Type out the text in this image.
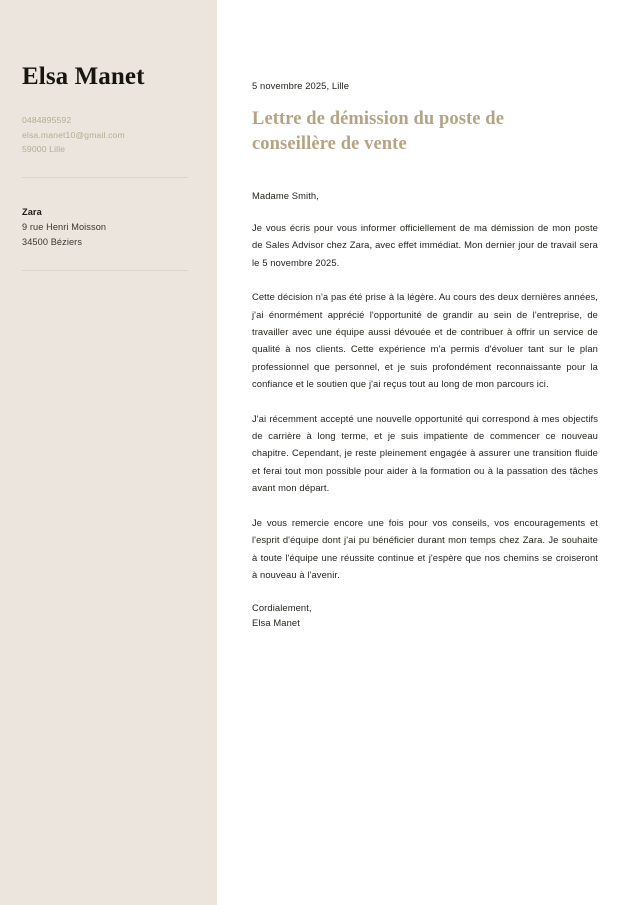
Elsa Manet
0484895592
elsa.manet10@gmail.com
59000 Lille
Zara
9 rue Henri Moisson
34500 Béziers
5 novembre 2025, Lille
Lettre de démission du poste de conseillère de vente
Madame Smith,

Je vous écris pour vous informer officiellement de ma démission de mon poste de Sales Advisor chez Zara, avec effet immédiat. Mon dernier jour de travail sera le 5 novembre 2025.

Cette décision n'a pas été prise à la légère. Au cours des deux dernières années, j'ai énormément apprécié l'opportunité de grandir au sein de l'entreprise, de travailler avec une équipe aussi dévouée et de contribuer à offrir un service de qualité à nos clients. Cette expérience m'a permis d'évoluer tant sur le plan professionnel que personnel, et je suis profondément reconnaissante pour la confiance et le soutien que j'ai reçus tout au long de mon parcours ici.

J'ai récemment accepté une nouvelle opportunité qui correspond à mes objectifs de carrière à long terme, et je suis impatiente de commencer ce nouveau chapitre. Cependant, je reste pleinement engagée à assurer une transition fluide et ferai tout mon possible pour aider à la formation ou à la passation des tâches avant mon départ.

Je vous remercie encore une fois pour vos conseils, vos encouragements et l'esprit d'équipe dont j'ai pu bénéficier durant mon temps chez Zara. Je souhaite à toute l'équipe une réussite continue et j'espère que nos chemins se croiseront à nouveau à l'avenir.

Cordialement,
Elsa Manet
